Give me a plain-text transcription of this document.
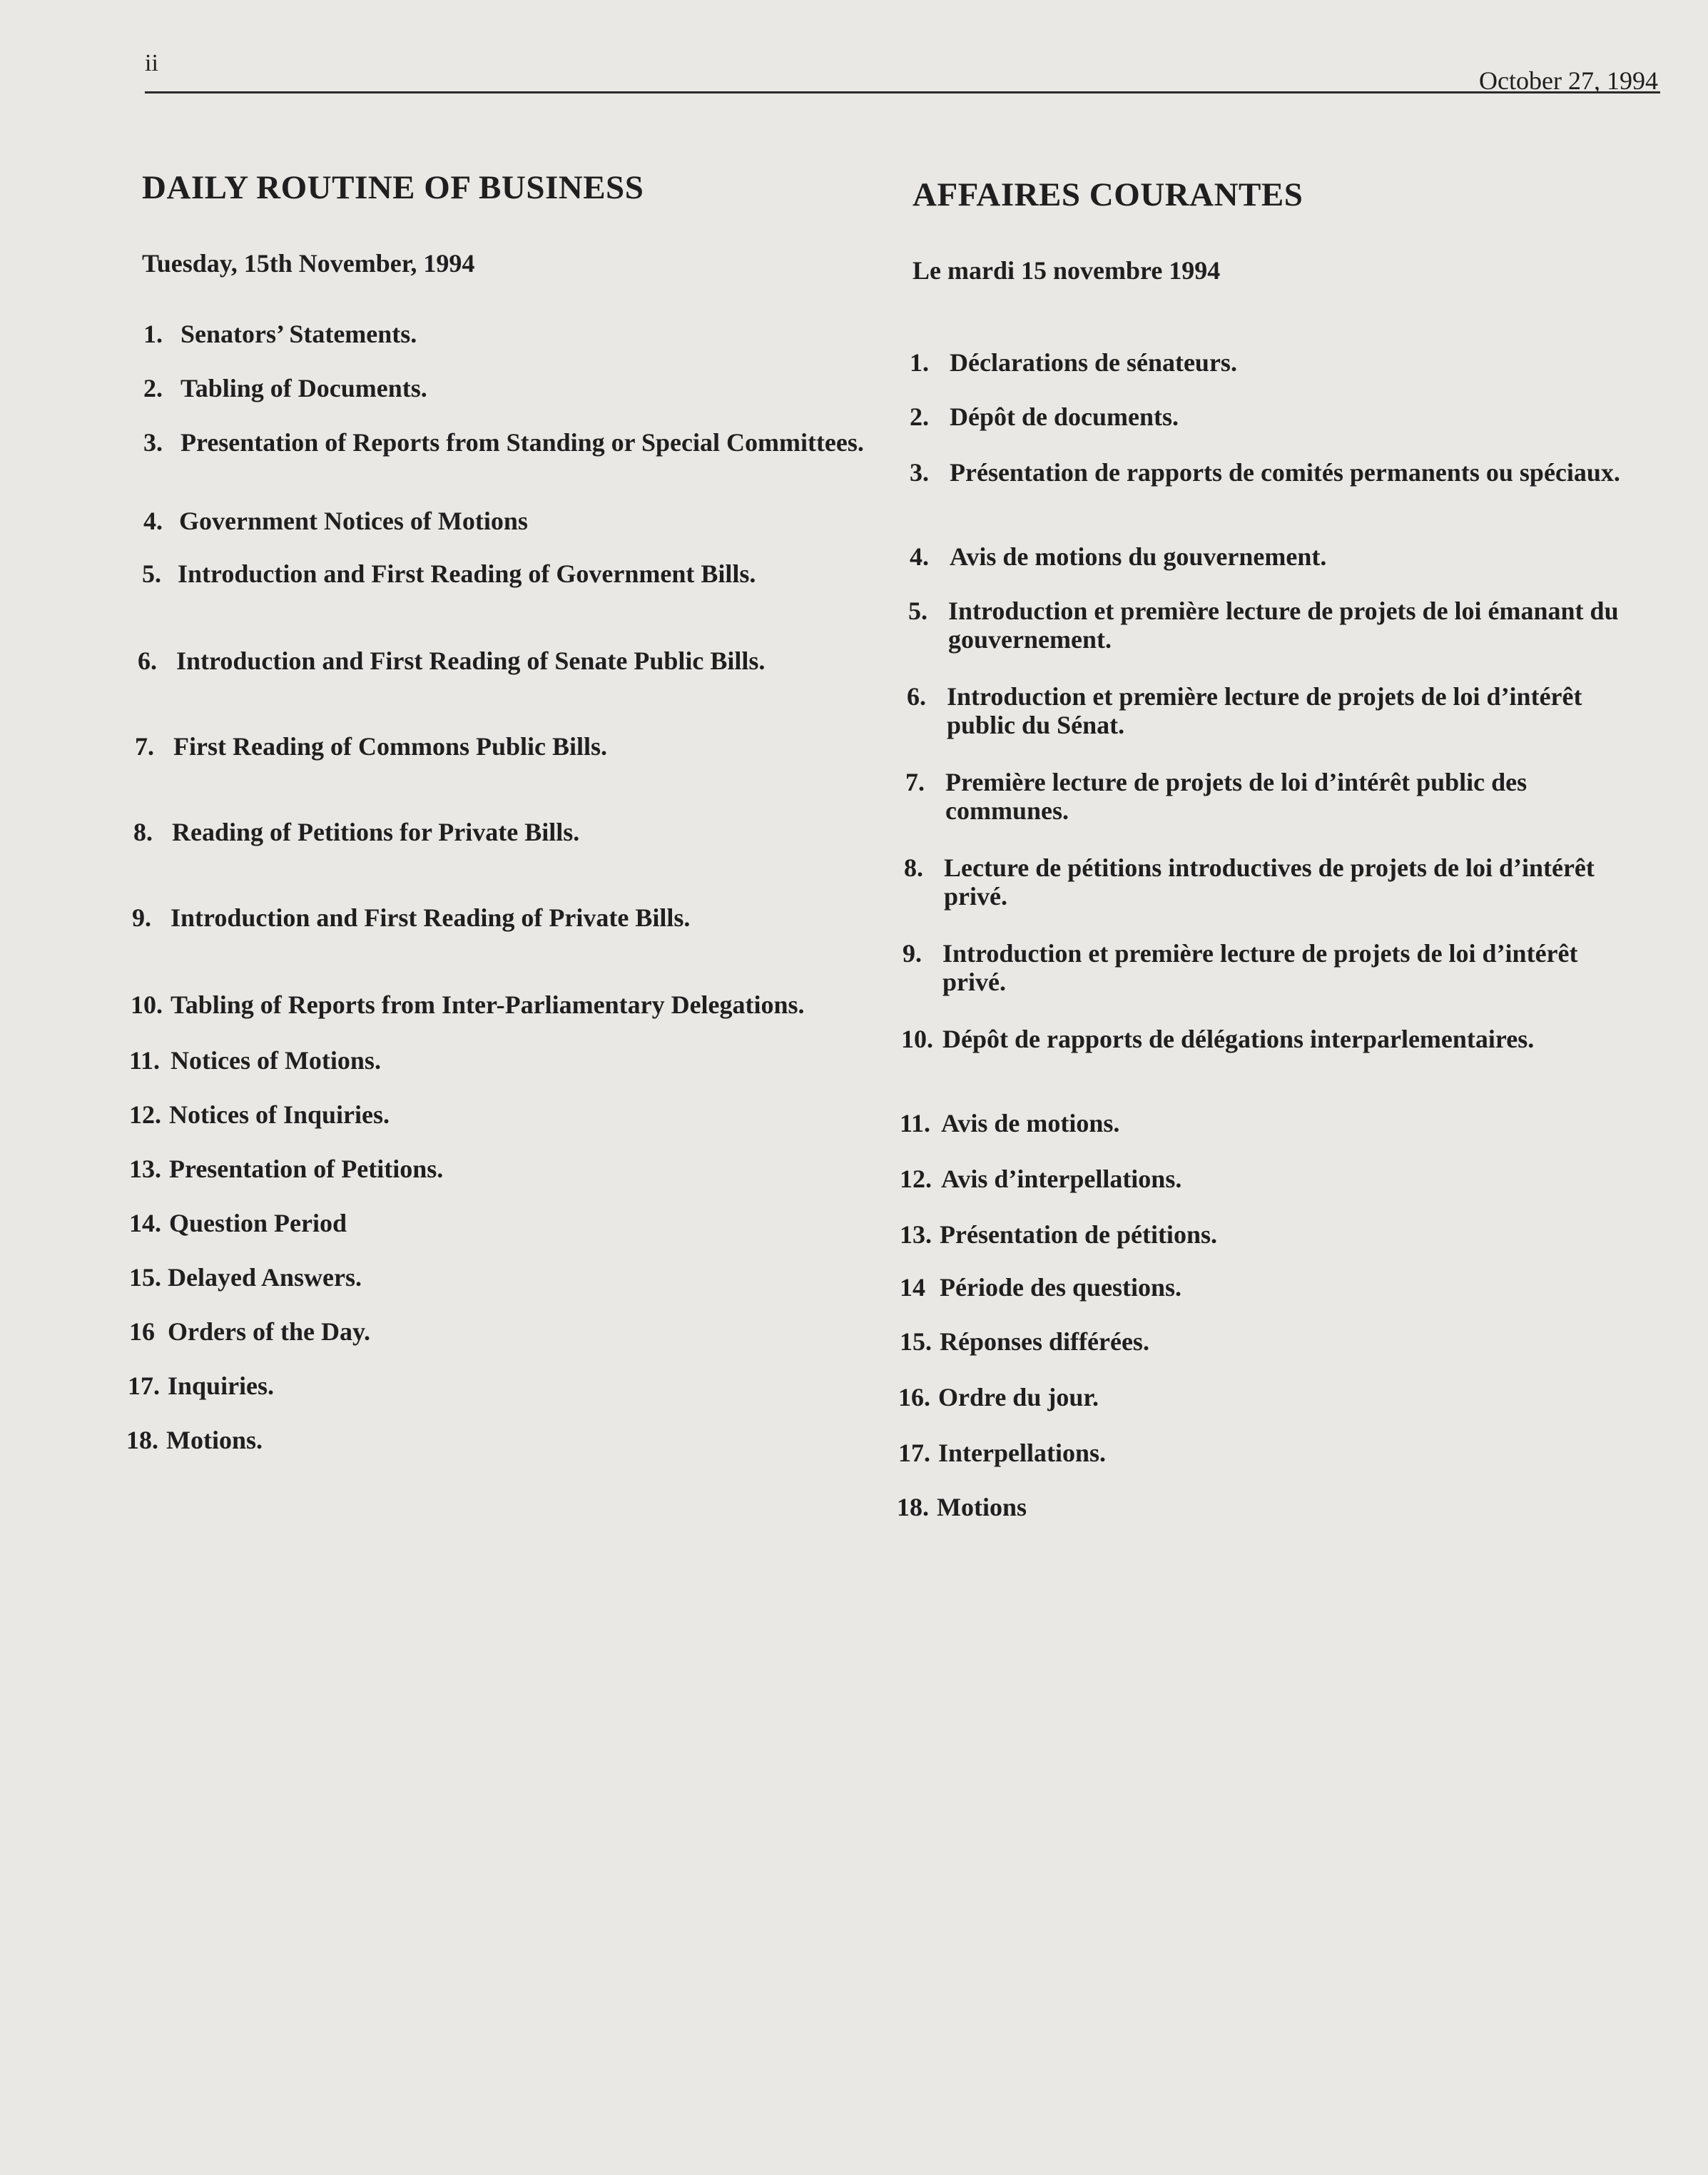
ii
October 27, 1994
DAILY ROUTINE OF BUSINESS
Tuesday, 15th November, 1994
1. Senators’ Statements.
2. Tabling of Documents.
3. Presentation of Reports from Standing or Special Committees.
4. Government Notices of Motions
5. Introduction and First Reading of Government Bills.
6. Introduction and First Reading of Senate Public Bills.
7. First Reading of Commons Public Bills.
8. Reading of Petitions for Private Bills.
9. Introduction and First Reading of Private Bills.
10. Tabling of Reports from Inter-Parliamentary Delegations.
11. Notices of Motions.
12. Notices of Inquiries.
13. Presentation of Petitions.
14. Question Period
15. Delayed Answers.
16 Orders of the Day.
17. Inquiries.
18. Motions.
AFFAIRES COURANTES
Le mardi 15 novembre 1994
1. Déclarations de sénateurs.
2. Dépôt de documents.
3. Présentation de rapports de comités permanents ou spéciaux.
4. Avis de motions du gouvernement.
5. Introduction et première lecture de projets de loi émanant du gouvernement.
6. Introduction et première lecture de projets de loi d’intérêt public du Sénat.
7. Première lecture de projets de loi d’intérêt public des communes.
8. Lecture de pétitions introductives de projets de loi d’intérêt privé.
9. Introduction et première lecture de projets de loi d’intérêt privé.
10. Dépôt de rapports de délégations interparlementaires.
11. Avis de motions.
12. Avis d’interpellations.
13. Présentation de pétitions.
14 Période des questions.
15. Réponses différées.
16. Ordre du jour.
17. Interpellations.
18. Motions
